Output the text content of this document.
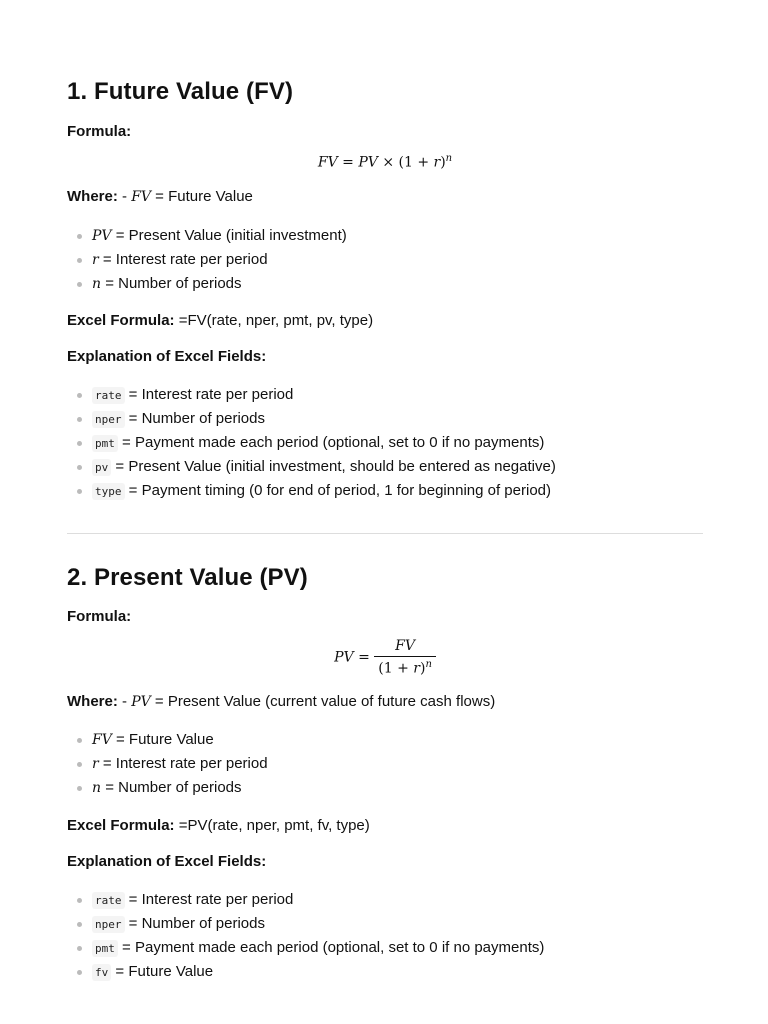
1. Future Value (FV)

Formula:

FV = PV × $(1 + r)^n$

Where: - FV = Future Value

PV = Present Value (initial investment)
r = Interest rate per period
n = Number of periods

Excel Formula: =FV(rate, nper, pmt, pv, type)

Explanation of Excel Fields:

rate = Interest rate per period
nper = Number of periods
pmt = Payment made each period (optional, set to 0 if no payments)
pv = Present Value (initial investment, should be entered as negative)
type = Payment timing (0 for end of period, 1 for beginning of period)
2. Present Value (PV)

Formula:

PV = $\frac{FV}{(1 + r)^n}$

Where: - PV = Present Value (current value of future cash flows)

FV = Future Value
r = Interest rate per period
n = Number of periods

Excel Formula: =PV(rate, nper, pmt, fv, type)

Explanation of Excel Fields:

rate = Interest rate per period
nper = Number of periods
pmt = Payment made each period (optional, set to 0 if no payments)
fv = Future Value
